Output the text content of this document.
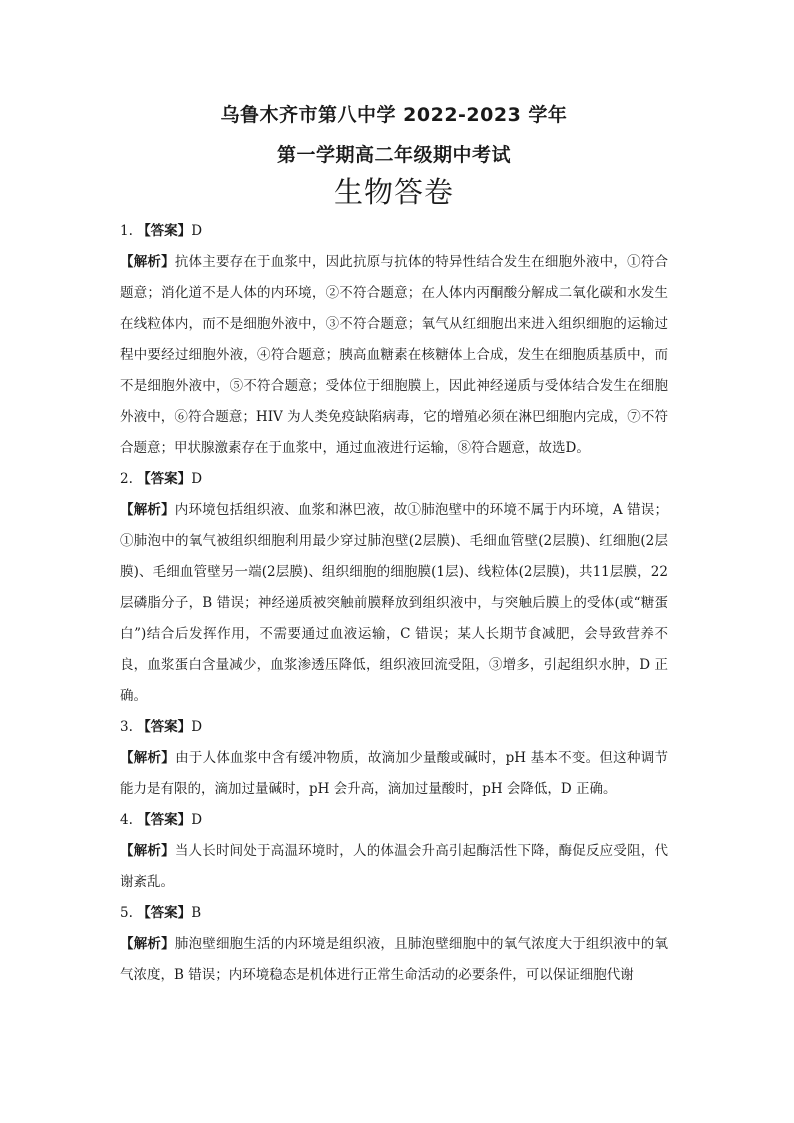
乌鲁木齐市第八中学 2022-2023 学年
第一学期高二年级期中考试
生物答卷

1. 【答案】D

【解析】抗体主要存在于血浆中，因此抗原与抗体的特异性结合发生在细胞外液中，①符合题意；消化道不是人体的内环境，②不符合题意；在人体内丙酮酸分解成二氧化碳和水发生在线粒体内，而不是细胞外液中，③不符合题意；氧气从红细胞出来进入组织细胞的运输过程中要经过细胞外液，④符合题意；胰高血糖素在核糖体上合成，发生在细胞质基质中，而不是细胞外液中，⑤不符合题意；受体位于细胞膜上，因此神经递质与受体结合发生在细胞外液中，⑥符合题意；HIV 为人类免疫缺陷病毒，它的增殖必须在淋巴细胞内完成，⑦不符合题意；甲状腺激素存在于血浆中，通过血液进行运输，⑧符合题意，故选D。

2. 【答案】D

【解析】内环境包括组织液、血浆和淋巴液，故①肺泡壁中的环境不属于内环境，A 错误；①肺泡中的氧气被组织细胞利用最少穿过肺泡壁(2层膜)、毛细血管壁(2层膜)、红细胞(2层膜)、毛细血管壁另一端(2层膜)、组织细胞的细胞膜(1层)、线粒体(2层膜)，共11层膜，22层磷脂分子，B 错误；神经递质被突触前膜释放到组织液中，与突触后膜上的受体(或“糖蛋白”)结合后发挥作用，不需要通过血液运输，C 错误；某人长期节食减肥，会导致营养不良，血浆蛋白含量减少，血浆渗透压降低，组织液回流受阻，③增多，引起组织水肿，D 正确。

3. 【答案】D

【解析】由于人体血浆中含有缓冲物质，故滴加少量酸或碱时，pH 基本不变。但这种调节能力是有限的，滴加过量碱时，pH 会升高，滴加过量酸时，pH 会降低，D 正确。

4. 【答案】D

【解析】当人长时间处于高温环境时，人的体温会升高引起酶活性下降，酶促反应受阻，代谢紊乱。

5. 【答案】B

【解析】肺泡壁细胞生活的内环境是组织液，且肺泡壁细胞中的氧气浓度大于组织液中的氧气浓度，B 错误；内环境稳态是机体进行正常生命活动的必要条件，可以保证细胞代谢
